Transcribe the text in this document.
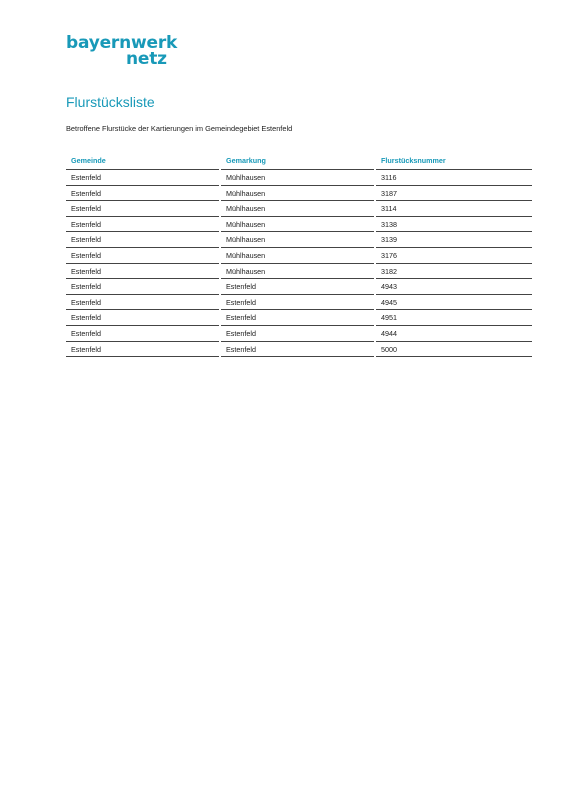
bayernwerk
netz
Flurstücksliste

Betroffene Flurstücke der Kartierungen im Gemeindegebiet Estenfeld

Gemeinde	Gemarkung	Flurstücksnummer
Estenfeld	Mühlhausen	3116
Estenfeld	Mühlhausen	3187
Estenfeld	Mühlhausen	3114
Estenfeld	Mühlhausen	3138
Estenfeld	Mühlhausen	3139
Estenfeld	Mühlhausen	3176
Estenfeld	Mühlhausen	3182
Estenfeld	Estenfeld	4943
Estenfeld	Estenfeld	4945
Estenfeld	Estenfeld	4951
Estenfeld	Estenfeld	4944
Estenfeld	Estenfeld	5000
